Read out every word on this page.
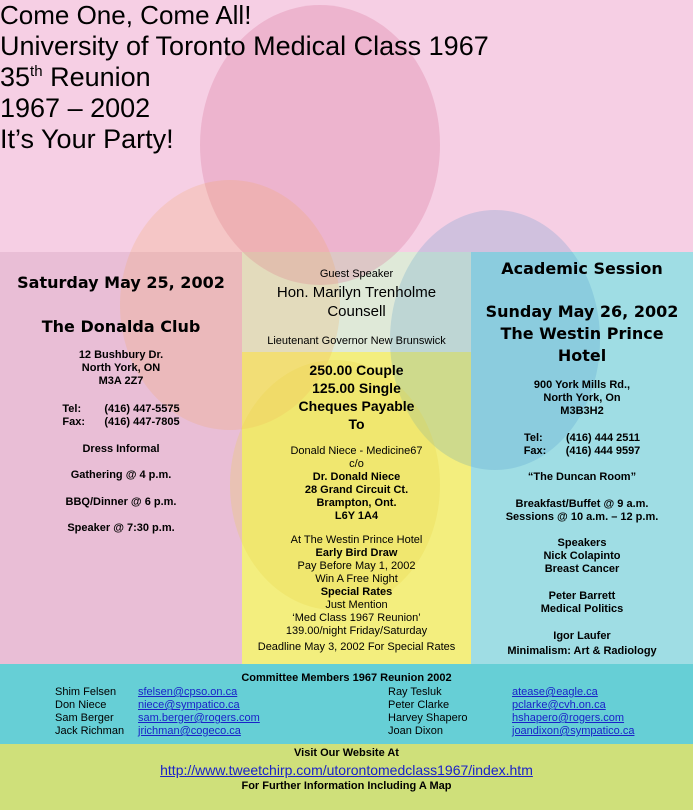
Come One, Come All!
University of Toronto Medical Class 1967
35th Reunion
1967 – 2002
It’s Your Party!
Saturday May 25, 2002
The Donalda Club
12 Bushbury Dr.
North York, ON
M3A 2Z7
Tel: (416) 447-5575
Fax: (416) 447-7805
Dress Informal
Gathering @ 4 p.m.
BBQ/Dinner @ 6 p.m.
Speaker @ 7:30 p.m.
Guest Speaker
Hon. Marilyn Trenholme
Counsell
Lieutenant Governor New Brunswick
250.00 Couple
125.00 Single
Cheques Payable
To
Donald Niece - Medicine67
c/o
Dr. Donald Niece
28 Grand Circuit Ct.
Brampton, Ont.
L6Y 1A4
At The Westin Prince Hotel
Early Bird Draw
Pay Before May 1, 2002
Win A Free Night
Special Rates
Just Mention
‘Med Class 1967 Reunion’
139.00/night Friday/Saturday
Deadline May 3, 2002 For Special Rates
Academic Session
Sunday May 26, 2002
The Westin Prince
Hotel
900 York Mills Rd.,
North York, On
M3B3H2
Tel: (416) 444 2511
Fax: (416) 444 9597
“The Duncan Room”
Breakfast/Buffet @ 9 a.m.
Sessions @ 10 a.m. – 12 p.m.
Speakers
Nick Colapinto
Breast Cancer
Peter Barrett
Medical Politics
Igor Laufer
Minimalism: Art & Radiology
Committee Members 1967 Reunion 2002
Shim Felsen sfelsen@cpso.on.ca
Don Niece	niece@sympatico.ca
Sam Berger sam.berger@rogers.com
Jack Richman jrichman@cogeco.ca
Ray Tesluk	atease@eagle.ca
Peter Clarke	pclarke@cvh.on.ca
Harvey Shapero	hshapero@rogers.com
Joan Dixon	joandixon@sympatico.ca
Visit Our Website At
http://www.tweetchirp.com/utorontomedclass1967/index.htm
For Further Information Including A Map
